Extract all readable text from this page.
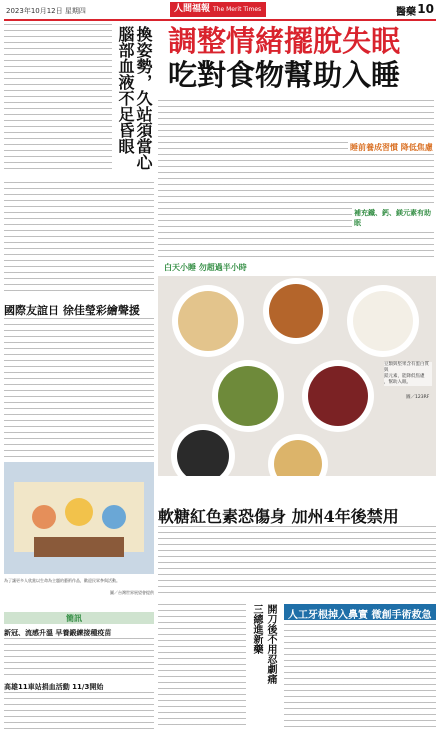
2023年10月12日 星期四	人間福報 The Merit Times	醫藥 10
腦部血液不足昏眼 換姿勢，久站須當心 調整情緒擺脫失眠
吃對食物幫助入睡
白天小睡 勿超過半小時
補充鐵、鈣、鎂元素有助眠
睡前養成習慣 降低焦慮
豆類與堅果含有蛋白質與
鎂元素，能降低焦慮
，幫助入眠。
圖／123RF
國際友誼日 徐佳瑩彩繪聲援
為了讓更多人欣賞以生命為主題的藝術作品，歡迎民眾參與活動。
圖／台灣世界展望會提供
簡訊
新冠、流感升溫 早養鍛練接種疫苗
高雄11車站捐血活動 11/3開始
軟糖紅色素恐傷身 加州4年後禁用
三總進新藥 開刀後不用忍劇痛 人工牙根掉入鼻實 微創手術救急
